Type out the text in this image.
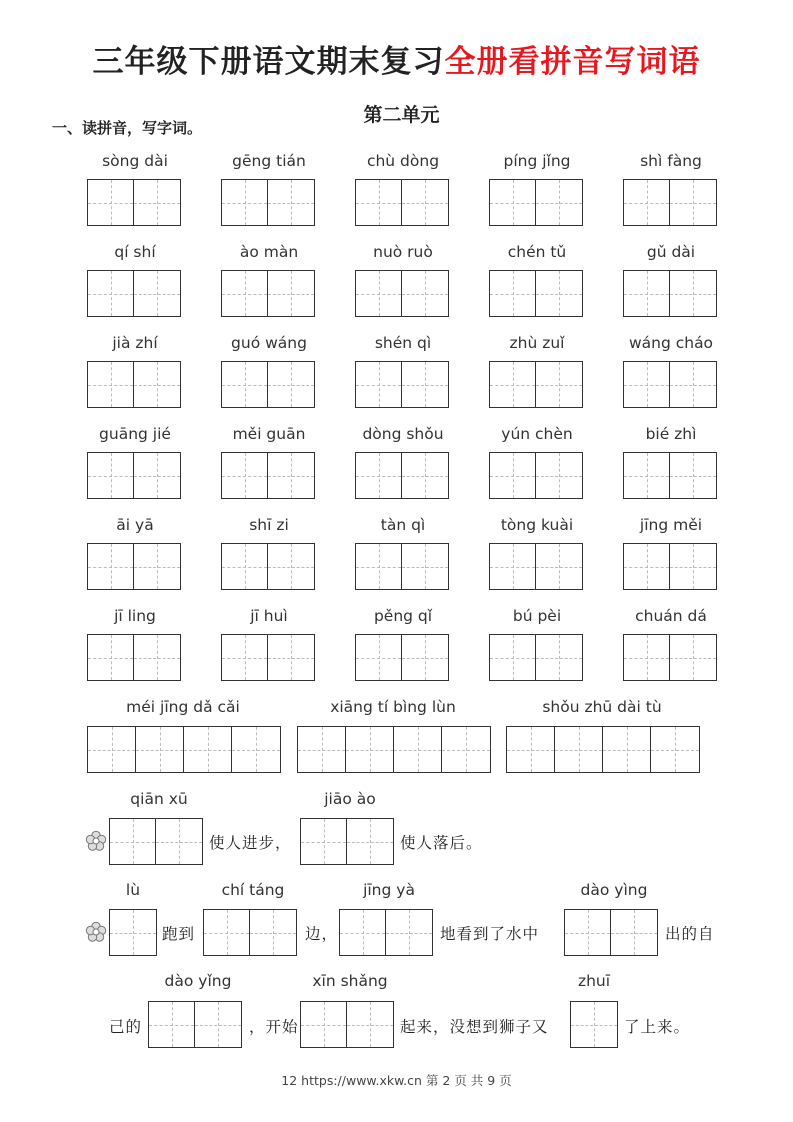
三年级下册语文期末复习全册看拼音写词语
第二单元
一、读拼音，写字词。
sòng dài	gēng tián	chù dòng	píng jǐng	shì fàng
qí shí	ào màn	nuò ruò	chén tǔ	gǔ dài
jià zhí	guó wáng	shén qì	zhù zuǐ	wáng cháo
guāng jié	měi guān	dòng shǒu	yún chèn	bié zhì
āi yā	shī zi	tàn qì	tòng kuài	jīng měi
jī ling	jī huì	pěng qǐ	bú pèi	chuán dá
méi jīng dǎ cǎi	xiāng tí bìng lùn	shǒu zhū dài tù
qiān xū
使人进步，
jiāo ào
使人落后。
lù
跑到
chí táng
边，
jīng yà
地看到了水中
dào yìng
出的自
己的
dào yǐng
，开始
xīn shǎng
起来，没想到狮子又
zhuī
了上来。
12 https://www.xkw.cn 第 2 页 共 9 页
